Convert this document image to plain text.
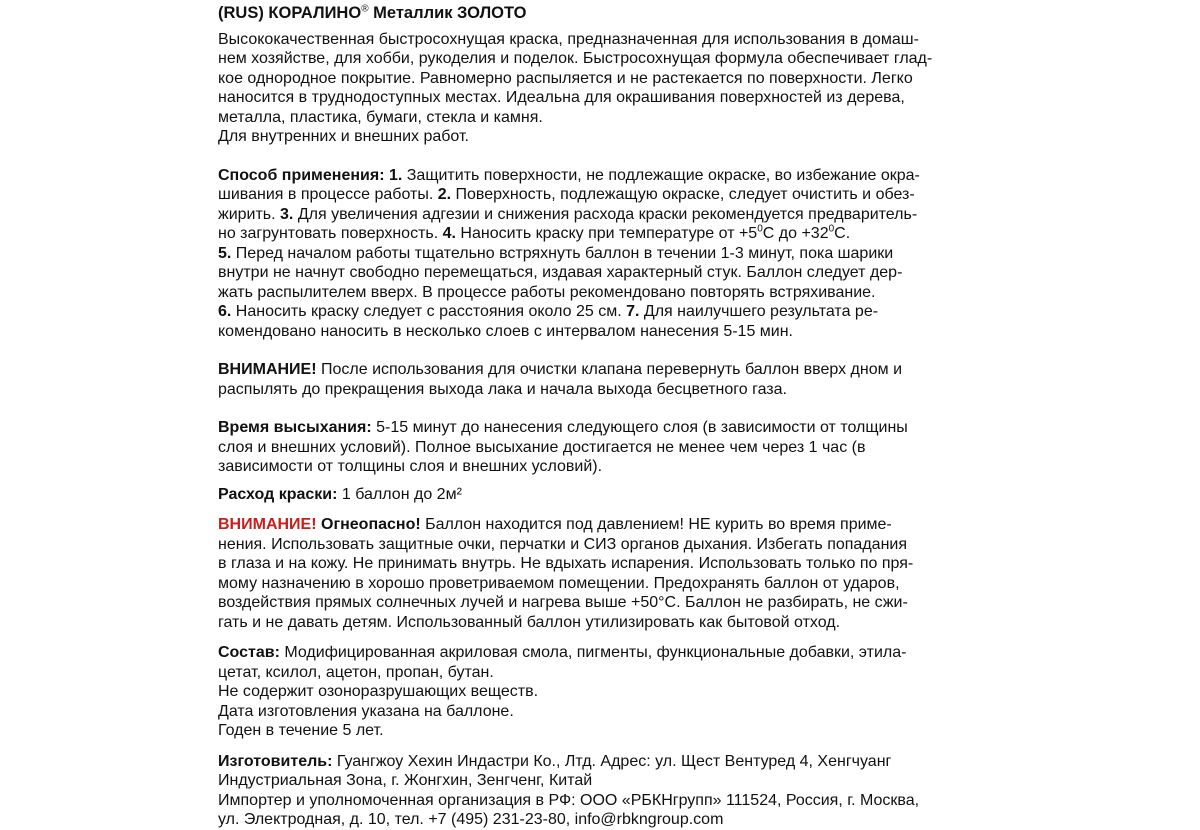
(RUS) КОРАЛИНО® Металлик ЗОЛОТО

Высококачественная быстросохнущая краска, предназначенная для использования в домаш-
нем хозяйстве, для хобби, рукоделия и поделок. Быстросохнущая формула обеспечивает глад-
кое однородное покрытие. Равномерно распыляется и не растекается по поверхности. Легко
наносится в труднодоступных местах. Идеальна для окрашивания поверхностей из дерева,
металла, пластика, бумаги, стекла и камня.
Для внутренних и внешних работ.

Способ применения: 1. Защитить поверхности, не подлежащие окраске, во избежание окра-
шивания в процессе работы. 2. Поверхность, подлежащую окраске, следует очистить и обез-
жирить. 3. Для увеличения адгезии и снижения расхода краски рекомендуется предваритель-
но загрунтовать поверхность. 4. Наносить краску при температуре от $+5^0С$ до $+32^0С$.
5. Перед началом работы тщательно встряхнуть баллон в течении 1-3 минут, пока шарики
внутри не начнут свободно перемещаться, издавая характерный стук. Баллон следует дер-
жать распылителем вверх. В процессе работы рекомендовано повторять встряхивание.
6. Наносить краску следует с расстояния около 25 см. 7. Для наилучшего результата ре-
комендовано наносить в несколько слоев с интервалом нанесения 5-15 мин.

ВНИМАНИЕ! После использования для очистки клапана перевернуть баллон вверх дном и
распылять до прекращения выхода лака и начала выхода бесцветного газа.

Время высыхания: 5-15 минут до нанесения следующего слоя (в зависимости от толщины
слоя и внешних условий). Полное высыхание достигается не менее чем через 1 час (в
зависимости от толщины слоя и внешних условий).

Расход краски: 1 баллон до 2м²

ВНИМАНИЕ! Огнеопасно! Баллон находится под давлением! НЕ курить во время приме-
нения. Использовать защитные очки, перчатки и СИЗ органов дыхания. Избегать попадания
в глаза и на кожу. Не принимать внутрь. Не вдыхать испарения. Использовать только по пря-
мому назначению в хорошо проветриваемом помещении. Предохранять баллон от ударов,
воздействия прямых солнечных лучей и нагрева выше +50°С. Баллон не разбирать, не сжи-
гать и не давать детям. Использованный баллон утилизировать как бытовой отход.

Состав: Модифицированная акриловая смола, пигменты, функциональные добавки, этила-
цетат, ксилол, ацетон, пропан, бутан.
Не содержит озоноразрушающих веществ.
Дата изготовления указана на баллоне.
Годен в течение 5 лет.

Изготовитель: Гуангжоу Хехин Индастри Ко., Лтд. Адрес: ул. Щест Вентуред 4, Хенгчуанг
Индустриальная Зона, г. Жонгхин, Зенгченг, Китай
Импортер и уполномоченная организация в РФ: ООО «РБКНгрупп» 111524, Россия, г. Москва,
ул. Электродная, д. 10, тел. +7 (495) 231-23-80, info@rbkngroup.com
